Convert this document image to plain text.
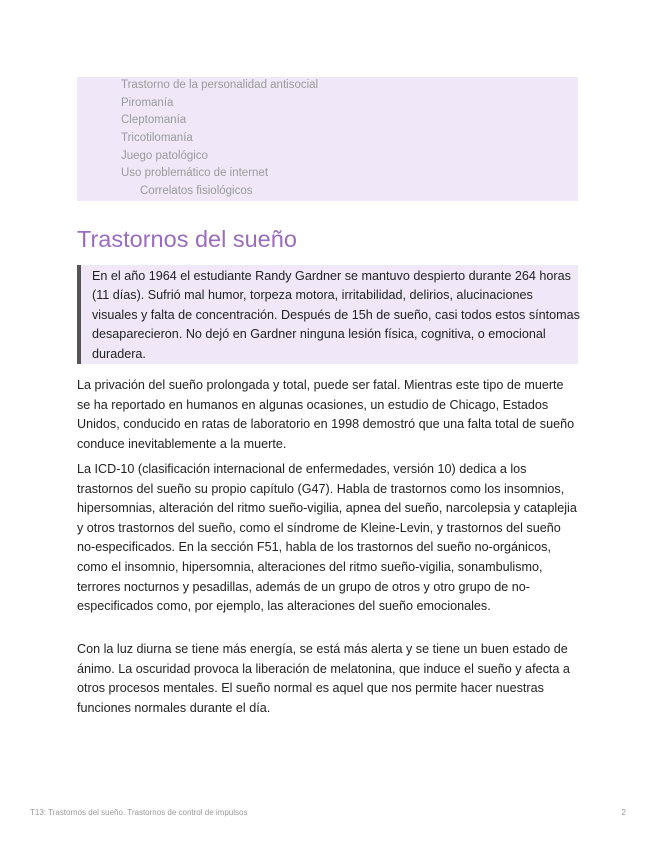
Trastorno de la personalidad antisocial
Piromanía
Cleptomanía
Tricotilomanía
Juego patológico
Uso problemático de internet
Correlatos fisiológicos
Trastornos del sueño
En el año 1964 el estudiante Randy Gardner se mantuvo despierto durante 264 horas (11 días). Sufrió mal humor, torpeza motora, irritabilidad, delirios, alucinaciones visuales y falta de concentración. Después de 15h de sueño, casi todos estos síntomas desaparecieron. No dejó en Gardner ninguna lesión física, cognitiva, o emocional duradera.

La privación del sueño prolongada y total, puede ser fatal. Mientras este tipo de muerte se ha reportado en humanos en algunas ocasiones, un estudio de Chicago, Estados Unidos, conducido en ratas de laboratorio en 1998 demostró que una falta total de sueño conduce inevitablemente a la muerte.

La ICD-10 (clasificación internacional de enfermedades, versión 10) dedica a los trastornos del sueño su propio capítulo (G47). Habla de trastornos como los insomnios, hipersomnias, alteración del ritmo sueño-vigilia, apnea del sueño, narcolepsia y cataplejia y otros trastornos del sueño, como el síndrome de Kleine-Levin, y trastornos del sueño no-especificados. En la sección F51, habla de los trastornos del sueño no-orgánicos, como el insomnio, hipersomnia, alteraciones del ritmo sueño-vigilia, sonambulismo, terrores nocturnos y pesadillas, además de un grupo de otros y otro grupo de no-especificados como, por ejemplo, las alteraciones del sueño emocionales.

Con la luz diurna se tiene más energía, se está más alerta y se tiene un buen estado de ánimo. La oscuridad provoca la liberación de melatonina, que induce el sueño y afecta a otros procesos mentales. El sueño normal es aquel que nos permite hacer nuestras funciones normales durante el día.

T13: Trastornos del sueño. Trastornos de control de impulsos	2
